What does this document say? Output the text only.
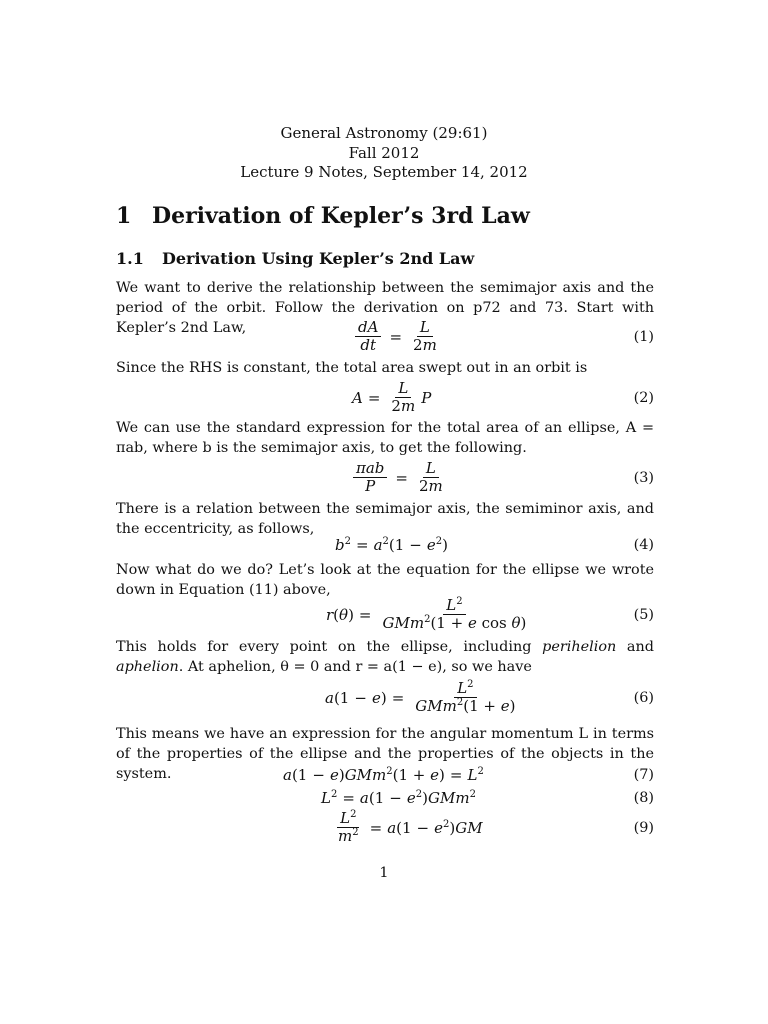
General Astronomy (29:61)
Fall 2012
Lecture 9 Notes, September 14, 2012
1 Derivation of Kepler’s 3rd Law
1.1 Derivation Using Kepler’s 2nd Law
We want to derive the relationship between the semimajor axis and the period of the orbit. Follow the derivation on p72 and 73. Start with Kepler’s 2nd Law,	$\frac{dA}{dt} = \frac{L}{2m}$	(1)
Since the RHS is constant, the total area swept out in an orbit is
$A = \frac{L}{2m}$ P	(2)
We can use the standard expression for the total area of an ellipse, A = πab, where b is the semimajor axis, to get the following.
$\frac{\text{πab}}{P} = \frac{L}{2m}$	(3)
There is a relation between the semimajor axis, the semiminor axis, and the eccentricity, as follows,
$b^2 = a^2(1 - e^2)$	(4)
Now what do we do? Let’s look at the equation for the ellipse we wrote down in Equation (11) above,
$r(\theta) = \frac{L^2}{GMm^2(1 + e \cos \theta)}$	(5)
This holds for every point on the ellipse, including perihelion and aphelion. At aphelion, θ = 0 and r = a(1 − e), so we have
$a(1 - e) = \frac{L^2}{GMm^2(1 + e)}$	(6)
This means we have an expression for the angular momentum L in terms of the properties of the ellipse and the properties of the objects in the system.	$a(1 - e)GMm^2(1 + e) = L^2$	(7)
$L^2 = a(1 - e^2)GMm^2$	(8)
$\frac{L^2}{m^2} = a(1 - e^2)GM$	(9)
1
